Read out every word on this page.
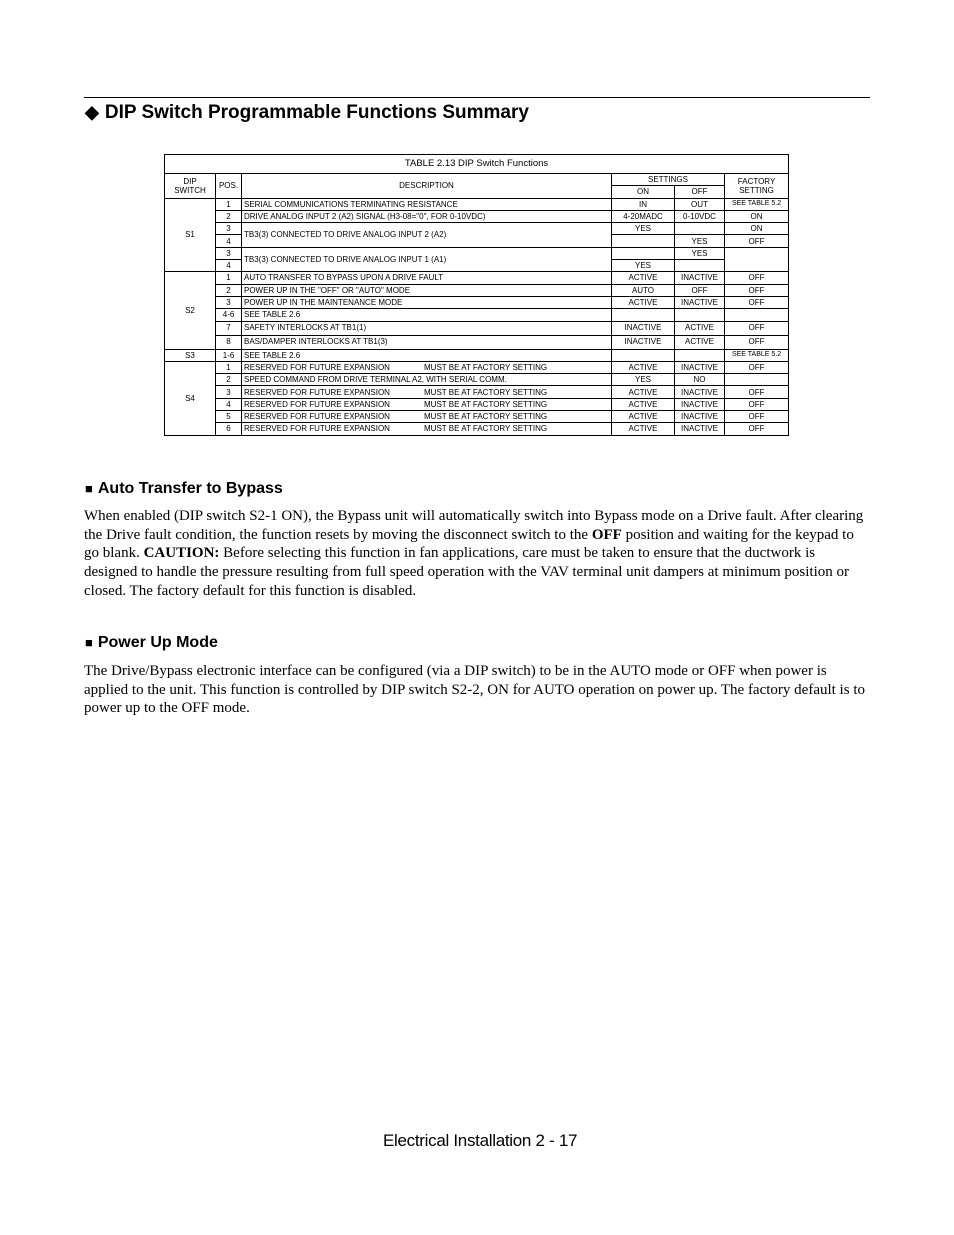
◆ DIP Switch Programmable Functions Summary
TABLE 2.13 DIP Switch Functions					
DIP SWITCH	POS.	DESCRIPTION	SETTINGS		FACTORY SETTING
			ON	OFF	
S1	1	SERIAL COMMUNICATIONS TERMINATING RESISTANCE	IN	OUT	SEE TABLE 5.2
	2	DRIVE ANALOG INPUT 2 (A2) SIGNAL (H3-08="0", FOR 0-10VDC)	4-20MADC	0-10VDC	ON
	3	TB3(3) CONNECTED TO DRIVE ANALOG INPUT 2 (A2)	YES		ON
	4			YES	OFF
	3	TB3(3) CONNECTED TO DRIVE ANALOG INPUT 1 (A1)		YES	
	4		YES		
S2	1	AUTO TRANSFER TO BYPASS UPON A DRIVE FAULT	ACTIVE	INACTIVE	OFF
	2	POWER UP IN THE "OFF" OR "AUTO" MODE	AUTO	OFF	OFF
	3	POWER UP IN THE MAINTENANCE MODE	ACTIVE	INACTIVE	OFF
	4-6	SEE TABLE 2.6			
	7	SAFETY INTERLOCKS AT TB1(1)	INACTIVE	ACTIVE	OFF
	8	BAS/DAMPER INTERLOCKS AT TB1(3)	INACTIVE	ACTIVE	OFF
S3	1-6	SEE TABLE 2.6			SEE TABLE 5.2
S4	1	RESERVED FOR FUTURE EXPANSION MUST BE AT FACTORY SETTING	ACTIVE	INACTIVE	OFF
	2	SPEED COMMAND FROM DRIVE TERMINAL A2, WITH SERIAL COMM.	YES	NO	
	3	RESERVED FOR FUTURE EXPANSION MUST BE AT FACTORY SETTING	ACTIVE	INACTIVE	OFF
	4	RESERVED FOR FUTURE EXPANSION MUST BE AT FACTORY SETTING	ACTIVE	INACTIVE	OFF
	5	RESERVED FOR FUTURE EXPANSION MUST BE AT FACTORY SETTING	ACTIVE	INACTIVE	OFF
	6	RESERVED FOR FUTURE EXPANSION MUST BE AT FACTORY SETTING	ACTIVE	INACTIVE	OFF
■ Auto Transfer to Bypass

When enabled (DIP switch S2-1 ON), the Bypass unit will automatically switch into Bypass mode on a Drive fault. After clearing the Drive fault condition, the function resets by moving the disconnect switch to the OFF position and waiting for the keypad to go blank. CAUTION: Before selecting this function in fan applications, care must be taken to ensure that the ductwork is designed to handle the pressure resulting from full speed operation with the VAV terminal unit dampers at minimum position or closed. The factory default for this function is disabled.

■ Power Up Mode

The Drive/Bypass electronic interface can be configured (via a DIP switch) to be in the AUTO mode or OFF when power is applied to the unit. This function is controlled by DIP switch S2-2, ON for AUTO operation on power up. The factory default is to power up to the OFF mode.

Electrical Installation 2 - 17
